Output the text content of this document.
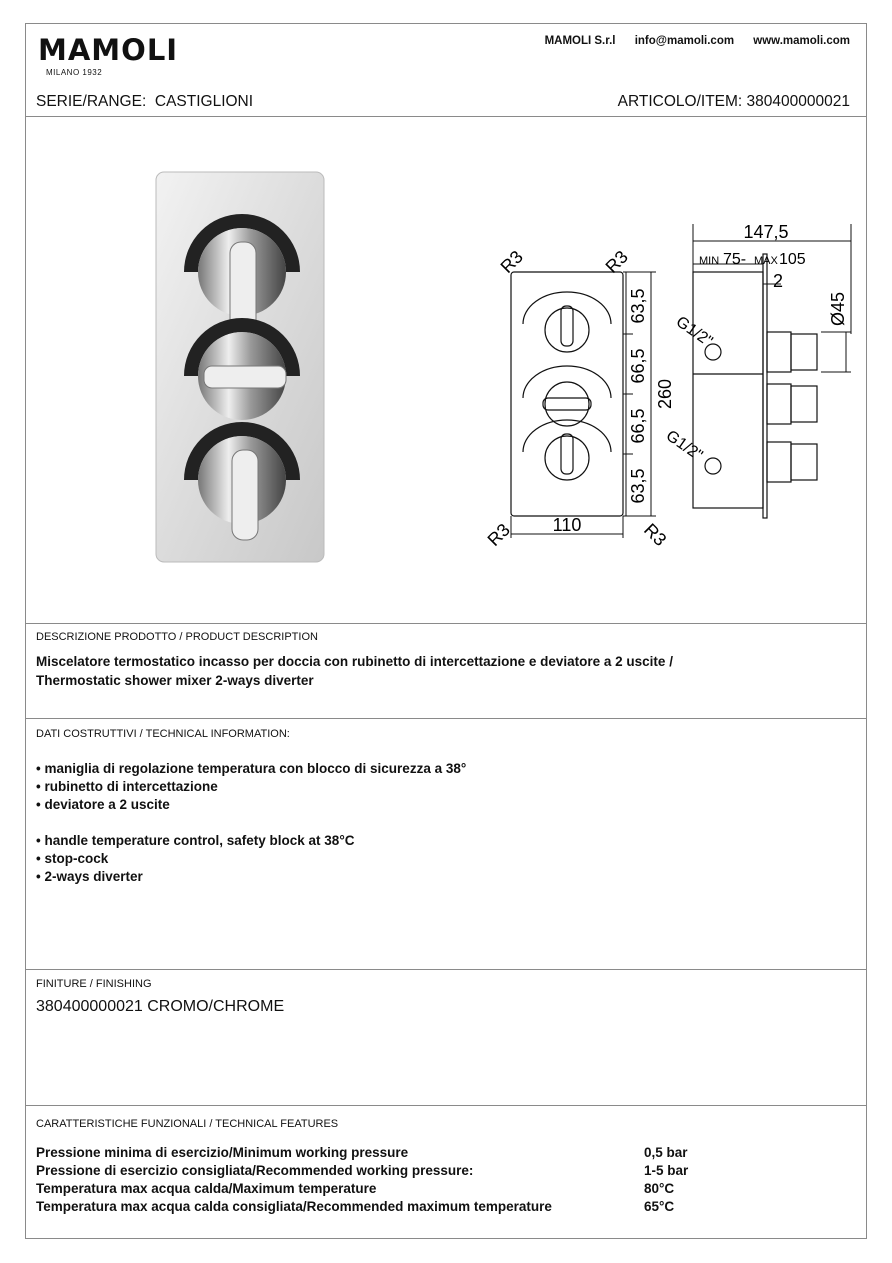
MAMOLI
MILANO 1932
MAMOLI S.r.l info@mamoli.com www.mamoli.com
SERIE/RANGE: CASTIGLIONI	ARTICOLO/ITEM: 380400000021
63,5
66,5
66,5
63,5
260
110
R3	R3
R3	R3
147,5
MIN 75- MAX 105
2
Ø45
G1/2"
G1/2"
DESCRIZIONE PRODOTTO / PRODUCT DESCRIPTION
Miscelatore termostatico incasso per doccia con rubinetto di intercettazione e deviatore a 2 uscite /
Thermostatic shower mixer 2-ways diverter
DATI COSTRUTTIVI / TECHNICAL INFORMATION:
• maniglia di regolazione temperatura con blocco di sicurezza a 38°
• rubinetto di intercettazione
• deviatore a 2 uscite
• handle temperature control, safety block at 38°C
• stop-cock
• 2-ways diverter
FINITURE / FINISHING
380400000021 CROMO/CHROME
CARATTERISTICHE FUNZIONALI / TECHNICAL FEATURES
Pressione minima di esercizio/Minimum working pressure	0,5 bar
Pressione di esercizio consigliata/Recommended working pressure:	1-5 bar
Temperatura max acqua calda/Maximum temperature	80°C
Temperatura max acqua calda consigliata/Recommended maximum temperature	65°C
